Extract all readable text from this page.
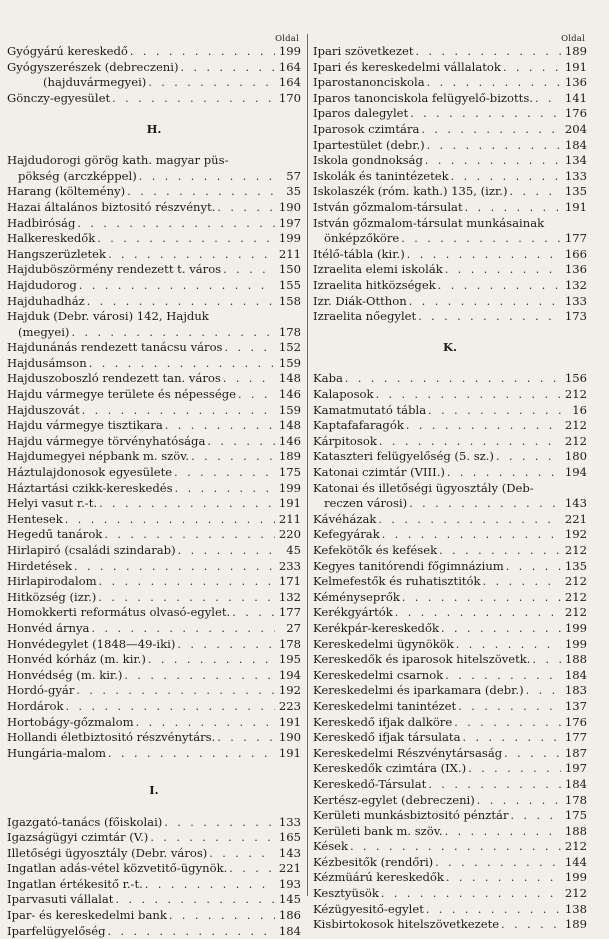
Oldal
Gyógyárú kereskedő . . .	199
Gyógyszerészek (debreczeni) . . .	164
(hajduvármegyei) . . .	164
Gönczy-egyesület . . .	170
H.
Hajdudorogi görög kath. magyar püs-
pökség (arczképpel) . . .	57
Harang (költemény) . . .	35
Hazai általános biztositó részvényt. . . .	190
Hadbiróság . . .	197
Halkereskedők . . .	199
Hangszerüzletek . . .	211
Hajduböszörmény rendezett t. város . . .	150
Hajdudorog . . .	155
Hajduhadház . . .	158
Hajduk (Debr. városi) 142, Hajduk
(megyei) . . .	178
Hajdunánás rendezett tanácsu város . . .	152
Hajdusámson . . .	159
Hajduszoboszló rendezett tan. város . . .	148
Hajdu vármegye területe és népessége . . .	146
Hajduszovát . . .	159
Hajdu vármegye tisztikara . . .	148
Hajdu vármegye törvényhatósága . . .	146
Hajdumegyei népbank m. szöv. . . .	189
Háztulajdonosok egyesülete . . .	175
Háztartási czikk-kereskedés . . .	199
Helyi vasut r.-t. . . .	191
Hentesek . . .	211
Hegedű tanárok . . .	220
Hirlapiró (családi szindarab) . . .	45
Hirdetések . . .	233
Hirlapirodalom . . .	171
Hitközség (izr.) . . .	132
Homokkerti református olvasó-egylet. . . .	177
Honvéd árnya . . .	27
Honvédegylet (1848—49-iki) . . .	178
Honvéd kórház (m. kir.) . . .	195
Honvédség (m. kir.) . . .	194
Hordó-gyár . . .	192
Hordárok . . .	223
Hortobágy-gőzmalom . . .	191
Hollandi életbiztositó részvénytárs. . . .	190
Hungária-malom . . .	191
I.
Igazgató-tanács (főiskolai) . . .	133
Igazságügyi czimtár (V.) . . .	165
Illetőségi ügyosztály (Debr. város) . . .	143
Ingatlan adás-vétel közvetitő-ügynök. . . .	221
Ingatlan értékesitő r.-t. . . .	193
Iparvasuti vállalat . . .	145
Ipar- és kereskedelmi bank . . .	186
Iparfelügyelőség . . .	184
Oldal
Ipari szövetkezet . . .	189
Ipari és kereskedelmi vállalatok . . .	191
Iparostanonciskola . . .	136
Iparos tanonciskola felügyelő-bizotts. . . .	141
Iparos dalegylet . . .	176
Iparosok czimtára . . .	204
Ipartestület (debr.) . . .	184
Iskola gondnokság . . .	134
Iskolák és tanintézetek . . .	133
Iskolaszék (róm. kath.) 135, (izr.) . . .	135
István gőzmalom-társulat . . .	191
István gőzmalom-társulat munkásainak
önképzőköre . . .	177
Itélő-tábla (kir.) . . .	166
Izraelita elemi iskolák . . .	136
Izraelita hitközségek . . .	132
Izr. Diák-Otthon . . .	133
Izraelita nőegylet . . .	173
K.
Kaba . . .	156
Kalaposok . . .	212
Kamatmutató tábla . . .	16
Kaptafafaragók . . .	212
Kárpitosok . . .	212
Kataszteri felügyelőség (5. sz.) . . .	180
Katonai czimtár (VIII.) . . .	194
Katonai és illetőségi ügyosztály (Deb-
reczen városi) . . .	143
Kávéházak . . .	221
Kefegyárak . . .	192
Kefekötők és kefések . . .	212
Kegyes tanitórendi főgimnázium . . .	135
Kelmefestők és ruhatisztitók . . .	212
Kéményseprők . . .	212
Kerékgyártók . . .	212
Kerékpár-kereskedők . . .	199
Kereskedelmi ügynökök . . .	199
Kereskedők és iparosok hitelszövetk. . . .	188
Kereskedelmi csarnok . . .	184
Kereskedelmi és iparkamara (debr.) . . .	183
Kereskedelmi tanintézet . . .	137
Kereskedő ifjak dalköre . . .	176
Kereskedő ifjak társulata . . .	177
Kereskedelmi Részvénytársaság . . .	187
Kereskedők czimtára (IX.) . . .	197
Kereskedő-Társulat . . .	184
Kertész-egylet (debreczeni) . . .	178
Kerületi munkásbiztositó pénztár . . .	175
Kerületi bank m. szöv. . . .	188
Kések . . .	212
Kézbesitők (rendőri) . . .	144
Kézmüárú kereskedők . . .	199
Kesztyüsök . . .	212
Kézügyesitő-egylet . . .	138
Kisbirtokosok hitelszövetkezete . . .	189
